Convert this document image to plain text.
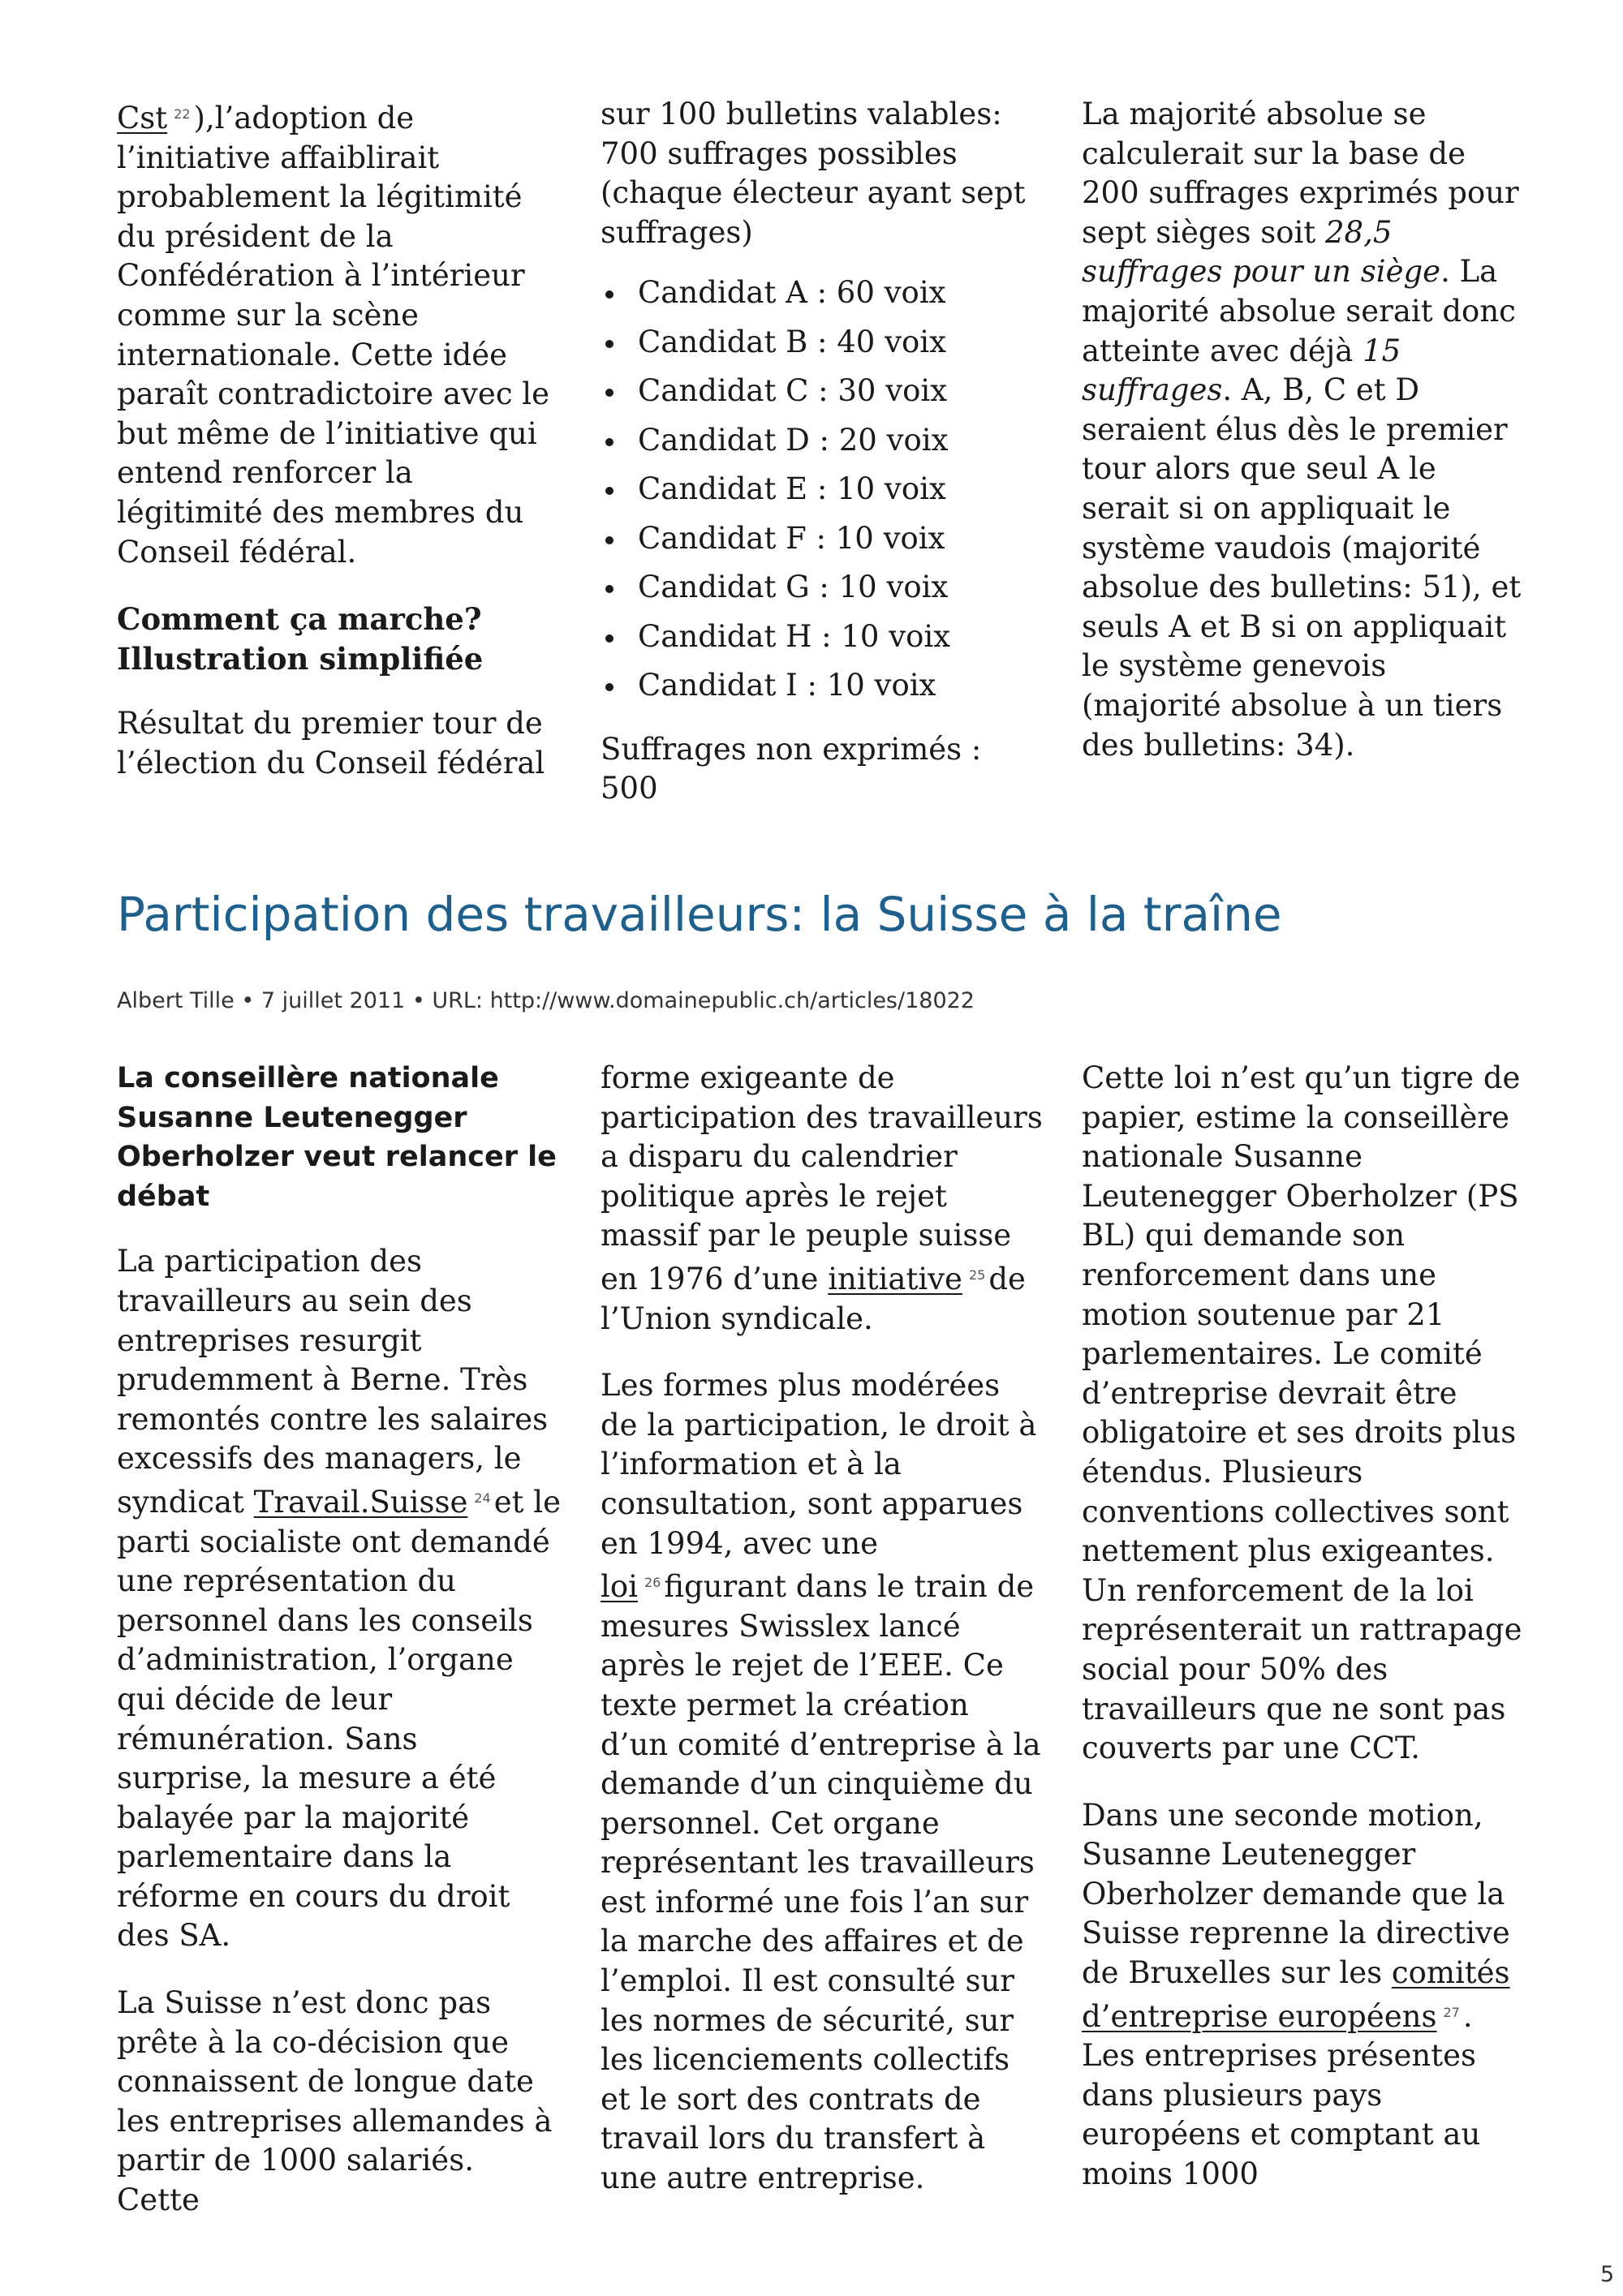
Cst $^{22}$ ),l’adoption de l’initiative affaiblirait probablement la légitimité du président de la Confédération à l’intérieur comme sur la scène internationale. Cette idée paraît contradictoire avec le but même de l’initiative qui entend renforcer la légitimité des membres du Conseil fédéral.

Comment ça marche? Illustration simplifiée

Résultat du premier tour de l’élection du Conseil fédéral

sur 100 bulletins valables: 700 suffrages possibles (chaque électeur ayant sept suffrages)

Candidat A : 60 voix
Candidat B : 40 voix
Candidat C : 30 voix
Candidat D : 20 voix
Candidat E : 10 voix
Candidat F : 10 voix
Candidat G : 10 voix
Candidat H : 10 voix
Candidat I : 10 voix

Suffrages non exprimés : 500

La majorité absolue se calculerait sur la base de 200 suffrages exprimés pour sept sièges soit 28,5 suffrages pour un siège. La majorité absolue serait donc atteinte avec déjà 15 suffrages. A, B, C et D seraient élus dès le premier tour alors que seul A le serait si on appliquait le système vaudois (majorité absolue des bulletins: 51), et seuls A et B si on appliquait le système genevois (majorité absolue à un tiers des bulletins: 34).

Participation des travailleurs: la Suisse à la traîne

Albert Tille • 7 juillet 2011 • URL: http://www.domainepublic.ch/articles/18022

La conseillère nationale Susanne Leutenegger Oberholzer veut relancer le débat

La participation des travailleurs au sein des entreprises resurgit prudemment à Berne. Très remontés contre les salaires excessifs des managers, le syndicat Travail.Suisse $^{24}$ et le parti socialiste ont demandé une représentation du personnel dans les conseils d’administration, l’organe qui décide de leur rémunération. Sans surprise, la mesure a été balayée par la majorité parlementaire dans la réforme en cours du droit des SA.

La Suisse n’est donc pas prête à la co-décision que connaissent de longue date les entreprises allemandes à partir de 1000 salariés. Cette

forme exigeante de participation des travailleurs a disparu du calendrier politique après le rejet massif par le peuple suisse en 1976 d’une initiative $^{25}$ de l’Union syndicale.

Les formes plus modérées de la participation, le droit à l’information et à la consultation, sont apparues en 1994, avec une loi $^{26}$ figurant dans le train de mesures Swisslex lancé après le rejet de l’EEE. Ce texte permet la création d’un comité d’entreprise à la demande d’un cinquième du personnel. Cet organe représentant les travailleurs est informé une fois l’an sur la marche des affaires et de l’emploi. Il est consulté sur les normes de sécurité, sur les licenciements collectifs et le sort des contrats de travail lors du transfert à une autre entreprise.

Cette loi n’est qu’un tigre de papier, estime la conseillère nationale Susanne Leutenegger Oberholzer (PS BL) qui demande son renforcement dans une motion soutenue par 21 parlementaires. Le comité d’entreprise devrait être obligatoire et ses droits plus étendus. Plusieurs conventions collectives sont nettement plus exigeantes. Un renforcement de la loi représenterait un rattrapage social pour 50% des travailleurs que ne sont pas couverts par une CCT.

Dans une seconde motion, Susanne Leutenegger Oberholzer demande que la Suisse reprenne la directive de Bruxelles sur les comités d’entreprise européens $^{27}$ . Les entreprises présentes dans plusieurs pays européens et comptant au moins 1000

5
